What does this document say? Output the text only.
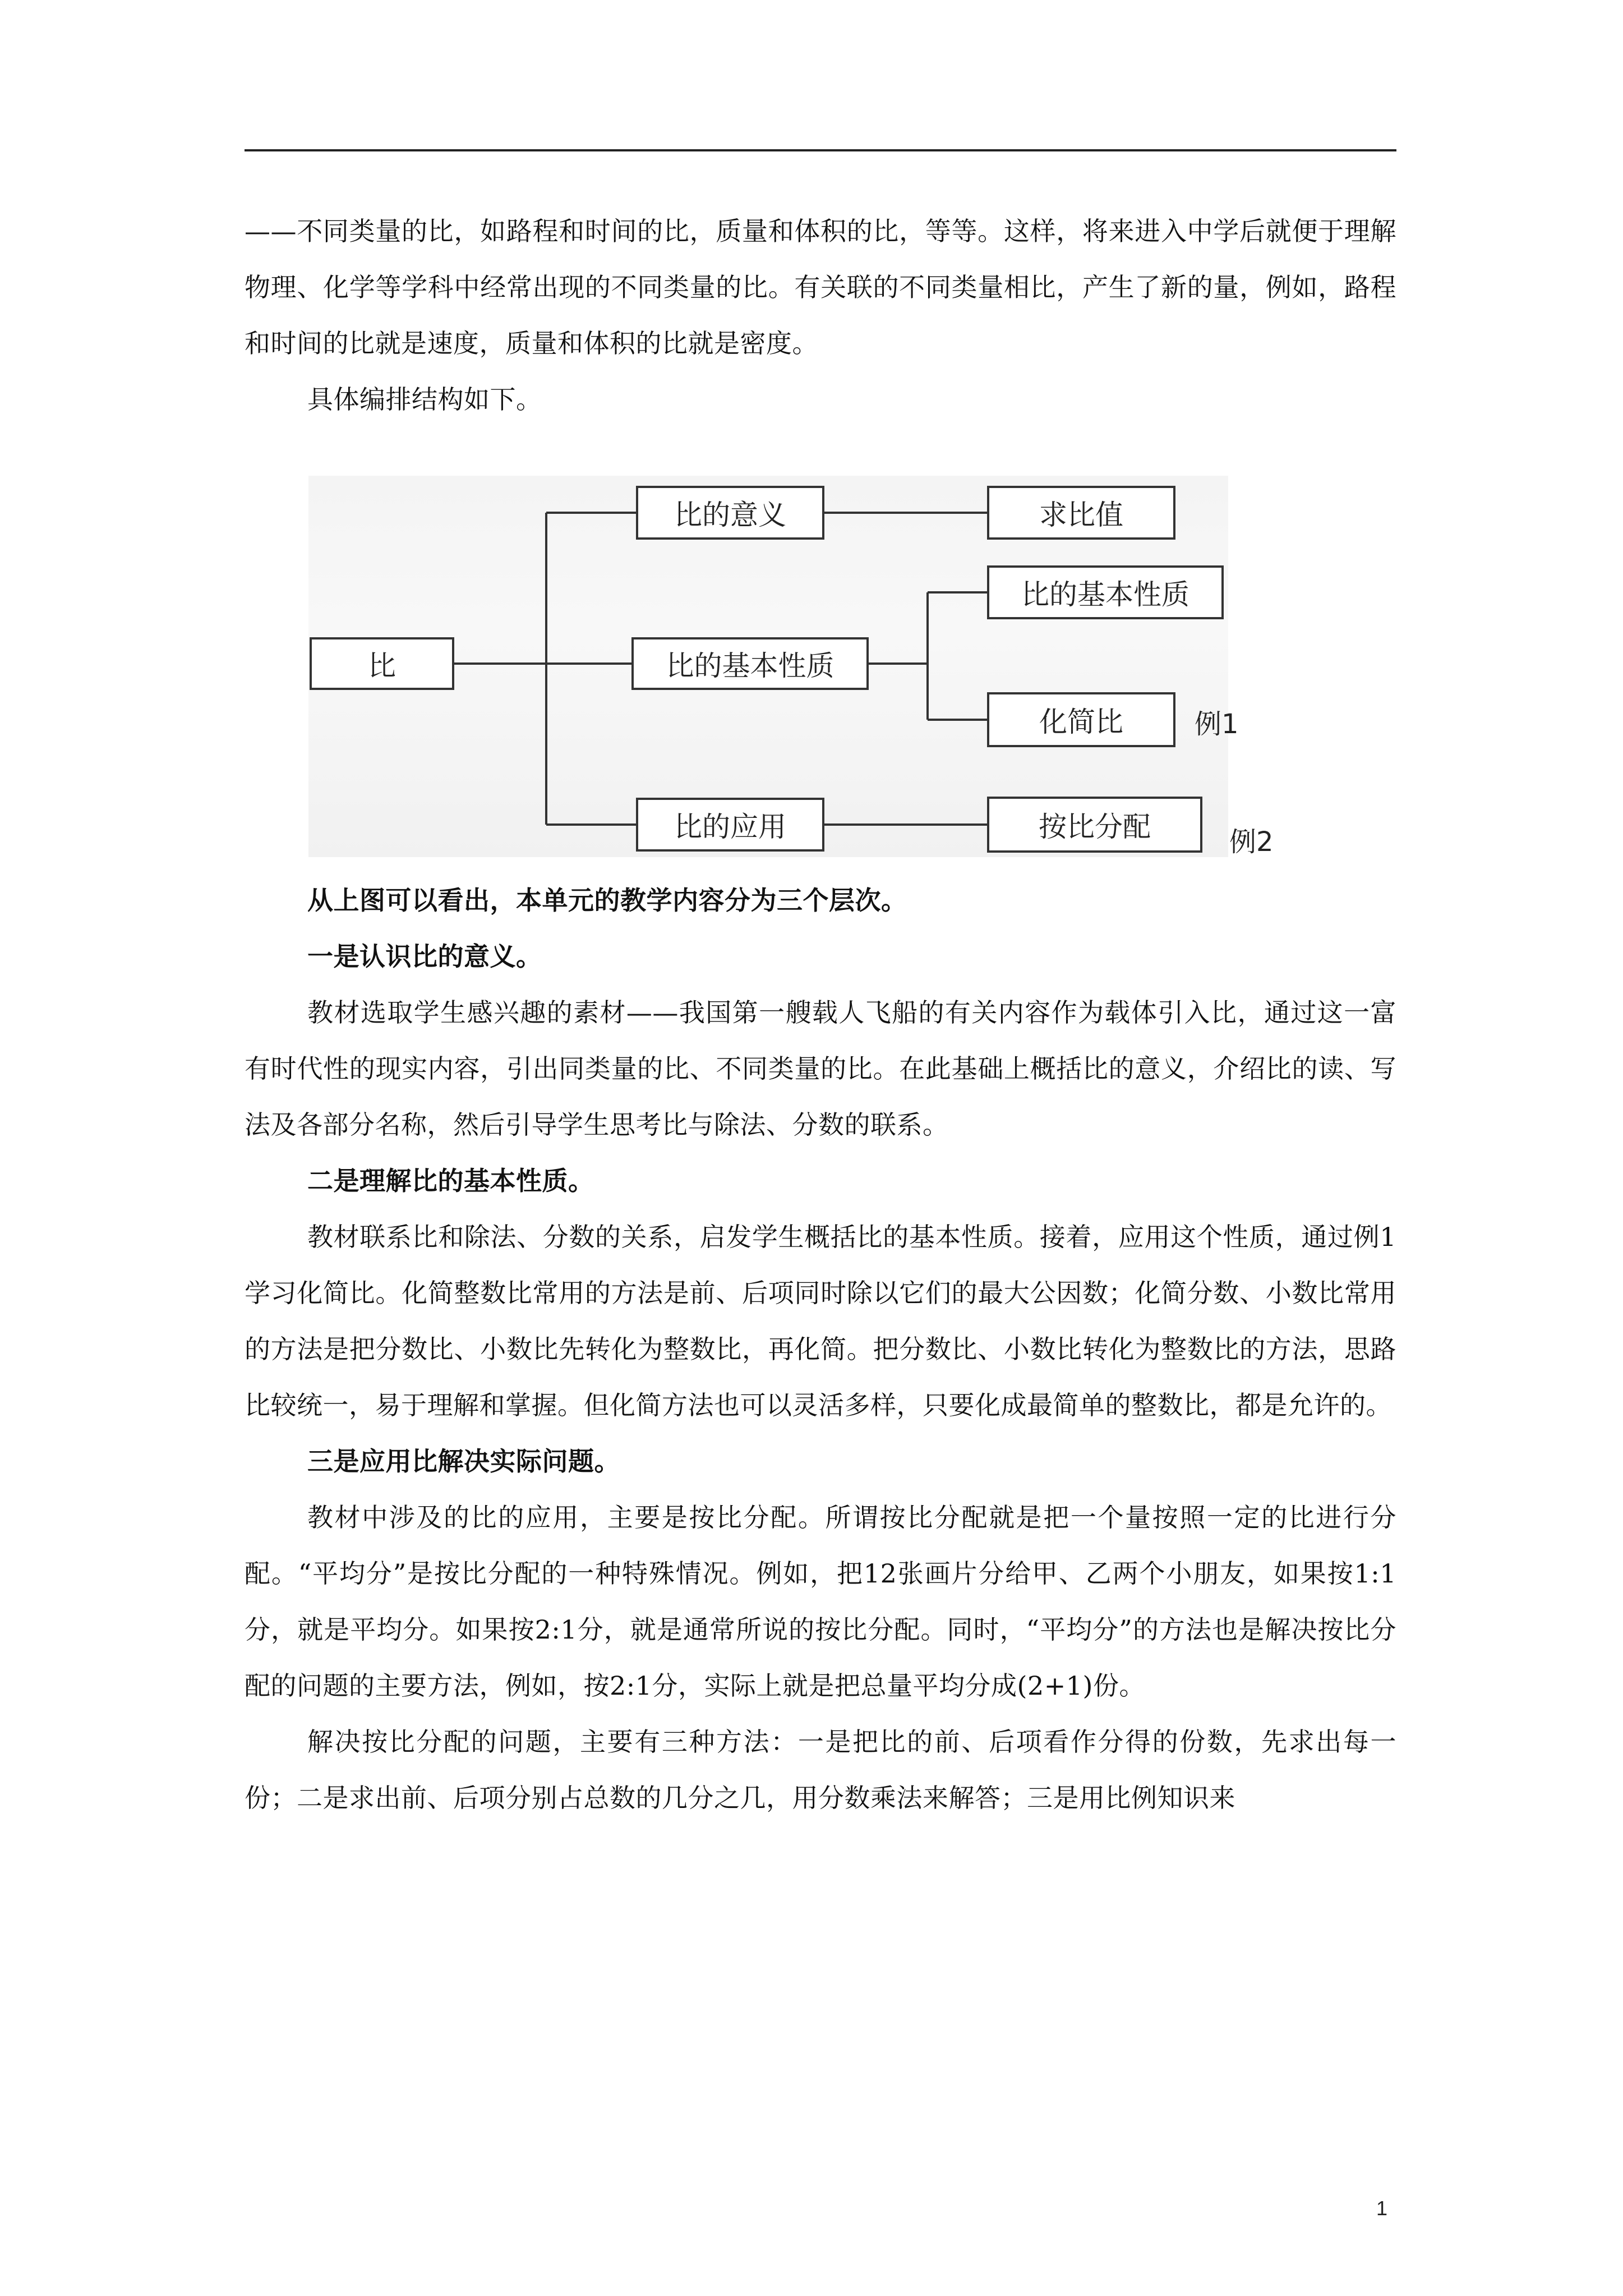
——不同类量的比，如路程和时间的比，质量和体积的比，等等。这样，将来进入中学后就便于理解物理、化学等学科中经常出现的不同类量的比。有关联的不同类量相比，产生了新的量，例如，路程和时间的比就是速度，质量和体积的比就是密度。

具体编排结构如下。

比
比的意义	求比值
比的基本性质
比的基本性质
化简比	例1
比的应用	按比分配	例2

从上图可以看出，本单元的教学内容分为三个层次。

一是认识比的意义。

教材选取学生感兴趣的素材——我国第一艘载人飞船的有关内容作为载体引入比，通过这一富有时代性的现实内容，引出同类量的比、不同类量的比。在此基础上概括比的意义，介绍比的读、写法及各部分名称，然后引导学生思考比与除法、分数的联系。

二是理解比的基本性质。

教材联系比和除法、分数的关系，启发学生概括比的基本性质。接着，应用这个性质，通过例1学习化简比。化简整数比常用的方法是前、后项同时除以它们的最大公因数；化简分数、小数比常用的方法是把分数比、小数比先转化为整数比，再化简。把分数比、小数比转化为整数比的方法，思路比较统一，易于理解和掌握。但化简方法也可以灵活多样，只要化成最简单的整数比，都是允许的。

三是应用比解决实际问题。

教材中涉及的比的应用，主要是按比分配。所谓按比分配就是把一个量按照一定的比进行分配。“平均分”是按比分配的一种特殊情况。例如，把12张画片分给甲、乙两个小朋友，如果按1:1分，就是平均分。如果按2:1分，就是通常所说的按比分配。同时，“平均分”的方法也是解决按比分配的问题的主要方法，例如，按2:1分，实际上就是把总量平均分成(2+1)份。

解决按比分配的问题，主要有三种方法：一是把比的前、后项看作分得的份数，先求出每一份；二是求出前、后项分别占总数的几分之几，用分数乘法来解答；三是用比例知识来

1
